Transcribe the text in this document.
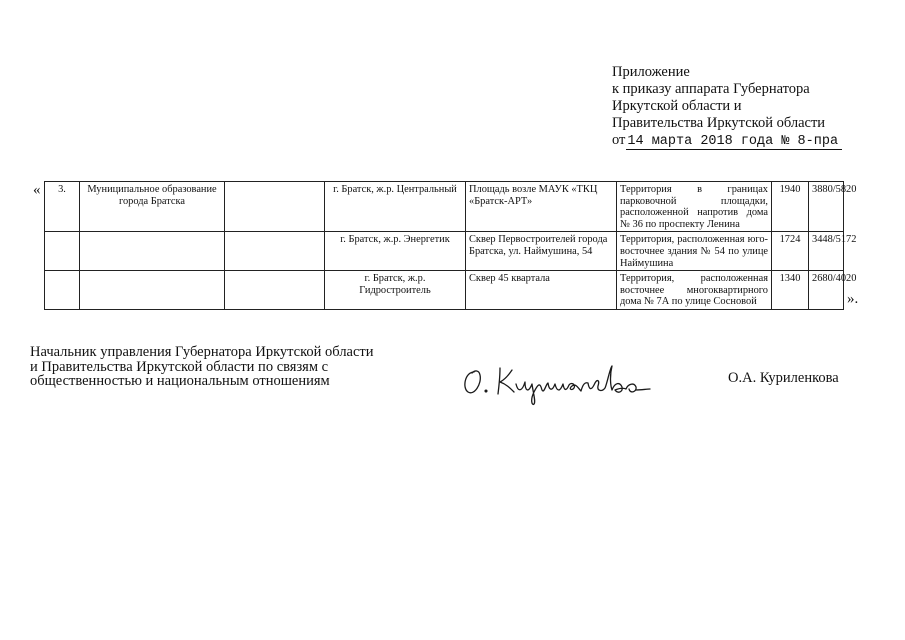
Приложение
к приказу аппарата Губернатора
Иркутской области и
Правительства Иркутской области
от 14 марта 2018 года № 8-пра
« 3.	Муниципальное образование города Братска		г. Братск, ж.р. Центральный	Площадь возле МАУК «ТКЦ «Братск-АРТ»	Территория в границах парковочной площадки, расположенной напротив дома № 36 по проспекту Ленина	1940	3880/5820
			г. Братск, ж.р. Энергетик	Сквер Первостроителей города Братска, ул. Наймушина, 54	Территория, расположенная юго-восточнее здания № 54 по улице Наймушина	1724	3448/5172
			г. Братск, ж.р. Гидростроитель	Сквер 45 квартала	Территория, расположенная восточнее многоквартирного дома № 7А по улице Сосновой	1340	2680/4020
».
Начальник управления Губернатора Иркутской области
и Правительства Иркутской области по связям с
общественностью и национальным отношениям	О.А. Куриленкова
